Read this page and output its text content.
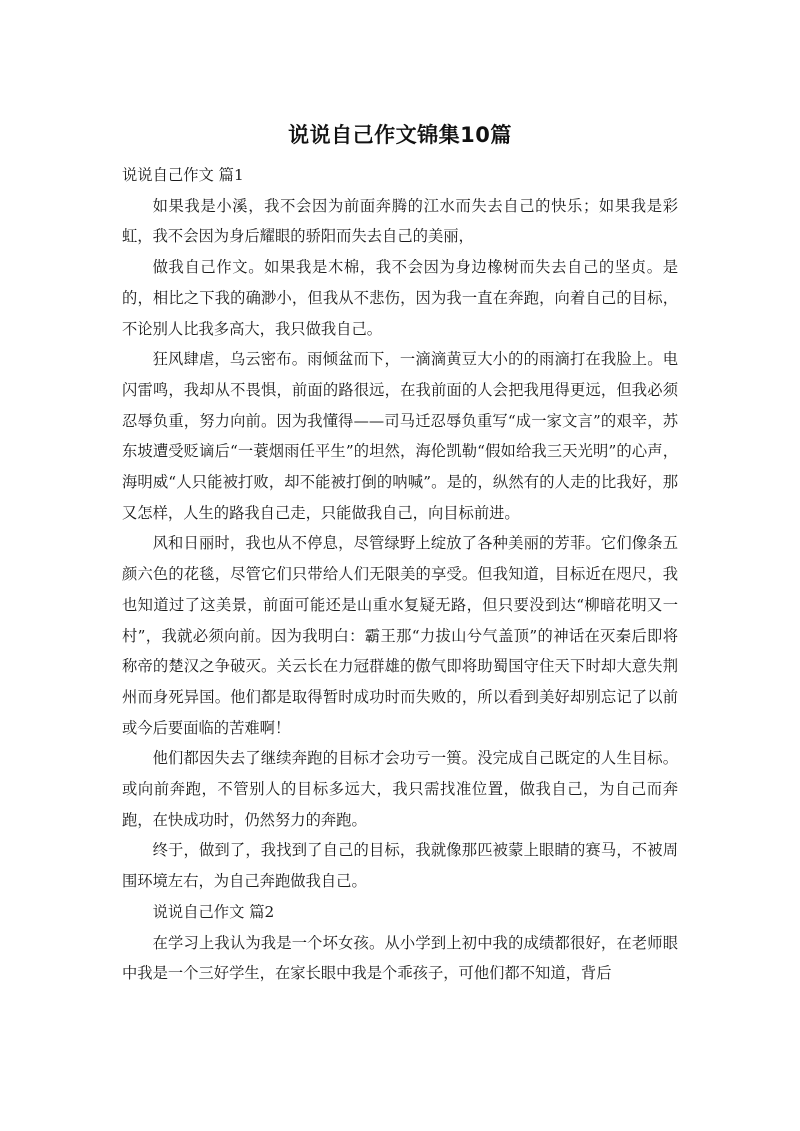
说说自己作文锦集10篇

说说自己作文 篇1

如果我是小溪，我不会因为前面奔腾的江水而失去自己的快乐；如果我是彩虹，我不会因为身后耀眼的骄阳而失去自己的美丽，

做我自己作文。如果我是木棉，我不会因为身边橡树而失去自己的坚贞。是的，相比之下我的确渺小，但我从不悲伤，因为我一直在奔跑，向着自己的目标，不论别人比我多高大，我只做我自己。

狂风肆虐，乌云密布。雨倾盆而下，一滴滴黄豆大小的的雨滴打在我脸上。电闪雷鸣，我却从不畏惧，前面的路很远，在我前面的人会把我甩得更远，但我必须忍辱负重，努力向前。因为我懂得——司马迁忍辱负重写“成一家文言”的艰辛，苏东坡遭受贬谪后“一蓑烟雨任平生”的坦然，海伦凯勒“假如给我三天光明”的心声，海明威“人只能被打败，却不能被打倒的呐喊”。是的，纵然有的人走的比我好，那又怎样，人生的路我自己走，只能做我自己，向目标前进。

风和日丽时，我也从不停息，尽管绿野上绽放了各种美丽的芳菲。它们像条五颜六色的花毯，尽管它们只带给人们无限美的享受。但我知道，目标近在咫尺，我也知道过了这美景，前面可能还是山重水复疑无路，但只要没到达“柳暗花明又一村”，我就必须向前。因为我明白：霸王那“力拔山兮气盖顶”的神话在灭秦后即将称帝的楚汉之争破灭。关云长在力冠群雄的傲气即将助蜀国守住天下时却大意失荆州而身死异国。他们都是取得暂时成功时而失败的，所以看到美好却别忘记了以前或今后要面临的苦难啊！

他们都因失去了继续奔跑的目标才会功亏一篑。没完成自己既定的人生目标。或向前奔跑，不管别人的目标多远大，我只需找准位置，做我自己，为自己而奔跑，在快成功时，仍然努力的奔跑。

终于，做到了，我找到了自己的目标，我就像那匹被蒙上眼睛的赛马，不被周围环境左右，为自己奔跑做我自己。

说说自己作文 篇2

在学习上我认为我是一个坏女孩。从小学到上初中我的成绩都很好，在老师眼中我是一个三好学生，在家长眼中我是个乖孩子，可他们都不知道，背后
